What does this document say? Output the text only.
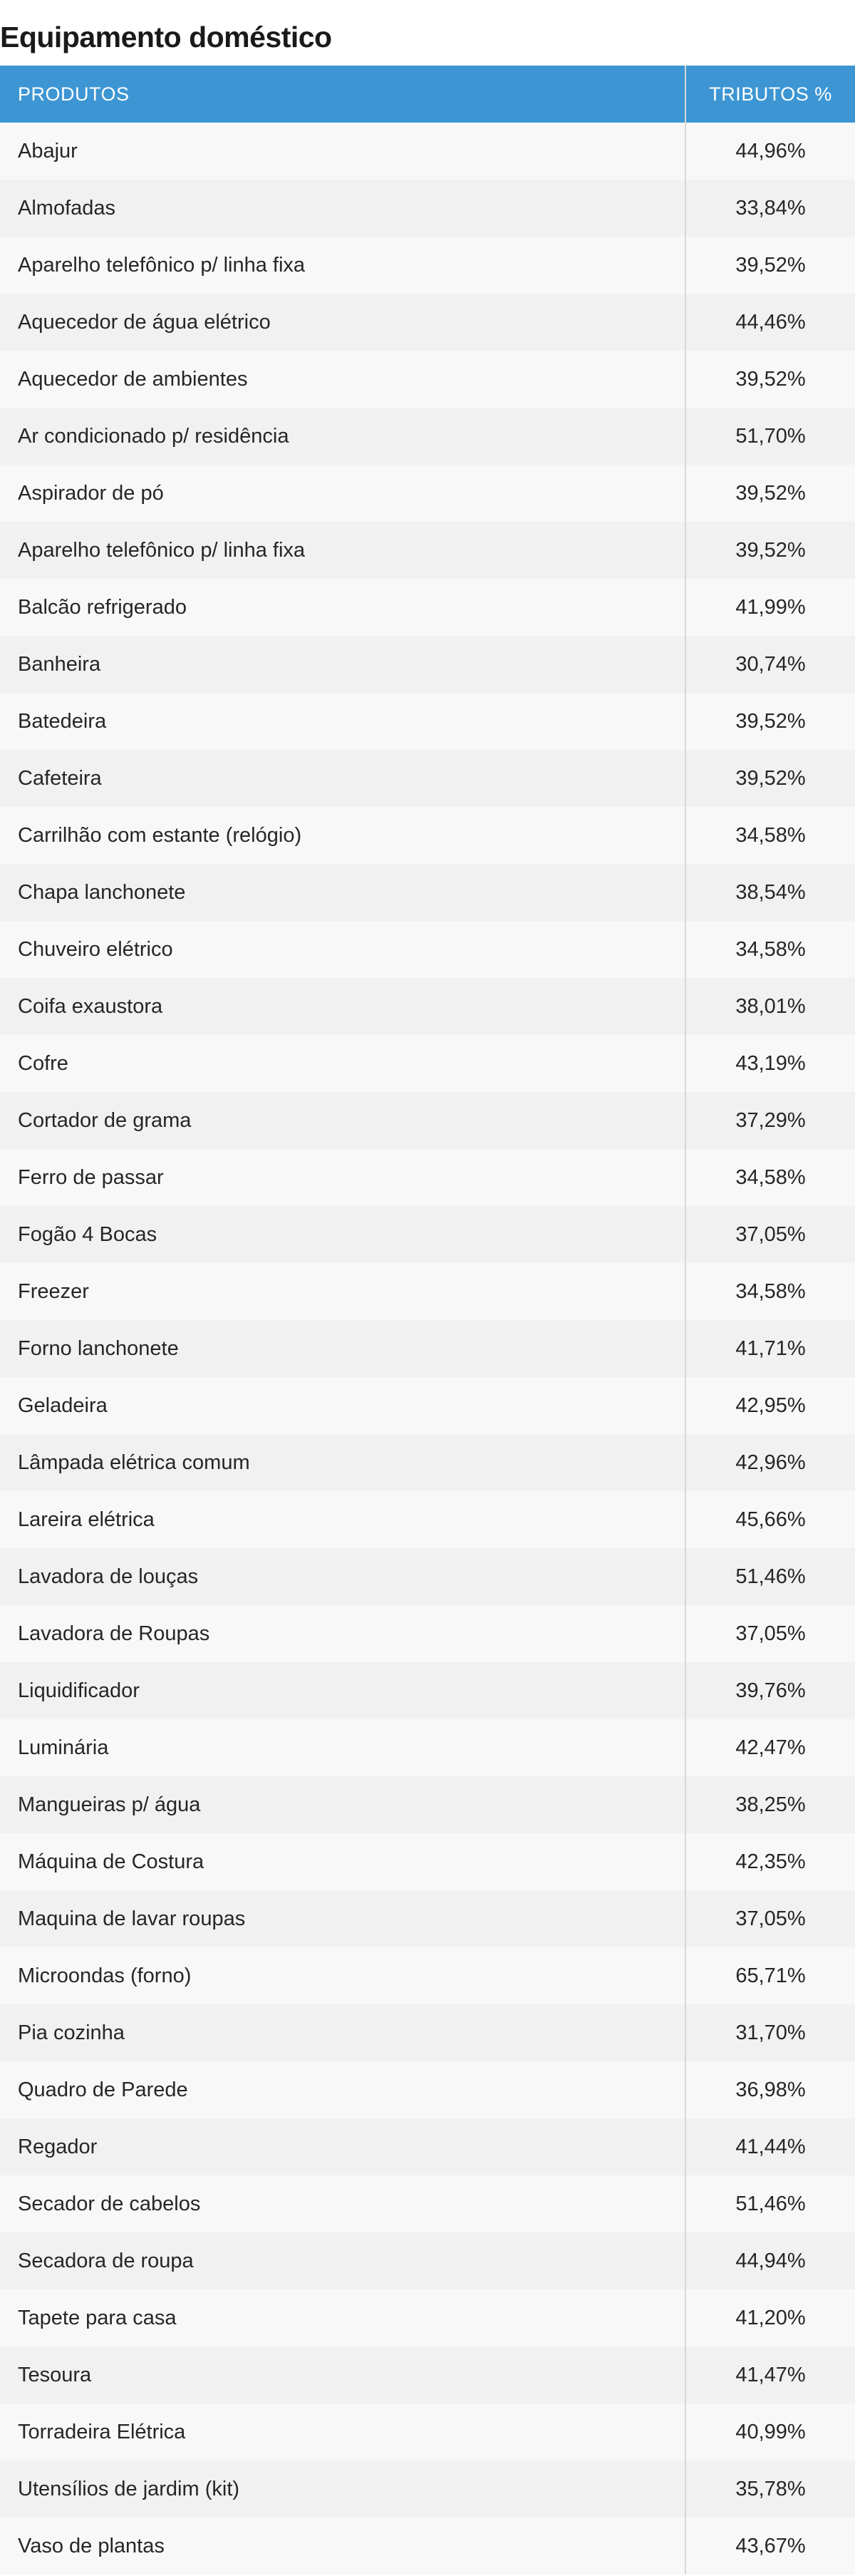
Equipamento doméstico
PRODUTOS	TRIBUTOS %
Abajur	44,96%
Almofadas	33,84%
Aparelho telefônico p/ linha fixa	39,52%
Aquecedor de água elétrico	44,46%
Aquecedor de ambientes	39,52%
Ar condicionado p/ residência	51,70%
Aspirador de pó	39,52%
Aparelho telefônico p/ linha fixa	39,52%
Balcão refrigerado	41,99%
Banheira	30,74%
Batedeira	39,52%
Cafeteira	39,52%
Carrilhão com estante (relógio)	34,58%
Chapa lanchonete	38,54%
Chuveiro elétrico	34,58%
Coifa exaustora	38,01%
Cofre	43,19%
Cortador de grama	37,29%
Ferro de passar	34,58%
Fogão 4 Bocas	37,05%
Freezer	34,58%
Forno lanchonete	41,71%
Geladeira	42,95%
Lâmpada elétrica comum	42,96%
Lareira elétrica	45,66%
Lavadora de louças	51,46%
Lavadora de Roupas	37,05%
Liquidificador	39,76%
Luminária	42,47%
Mangueiras p/ água	38,25%
Máquina de Costura	42,35%
Maquina de lavar roupas	37,05%
Microondas (forno)	65,71%
Pia cozinha	31,70%
Quadro de Parede	36,98%
Regador	41,44%
Secador de cabelos	51,46%
Secadora de roupa	44,94%
Tapete para casa	41,20%
Tesoura	41,47%
Torradeira Elétrica	40,99%
Utensílios de jardim (kit)	35,78%
Vaso de plantas	43,67%
